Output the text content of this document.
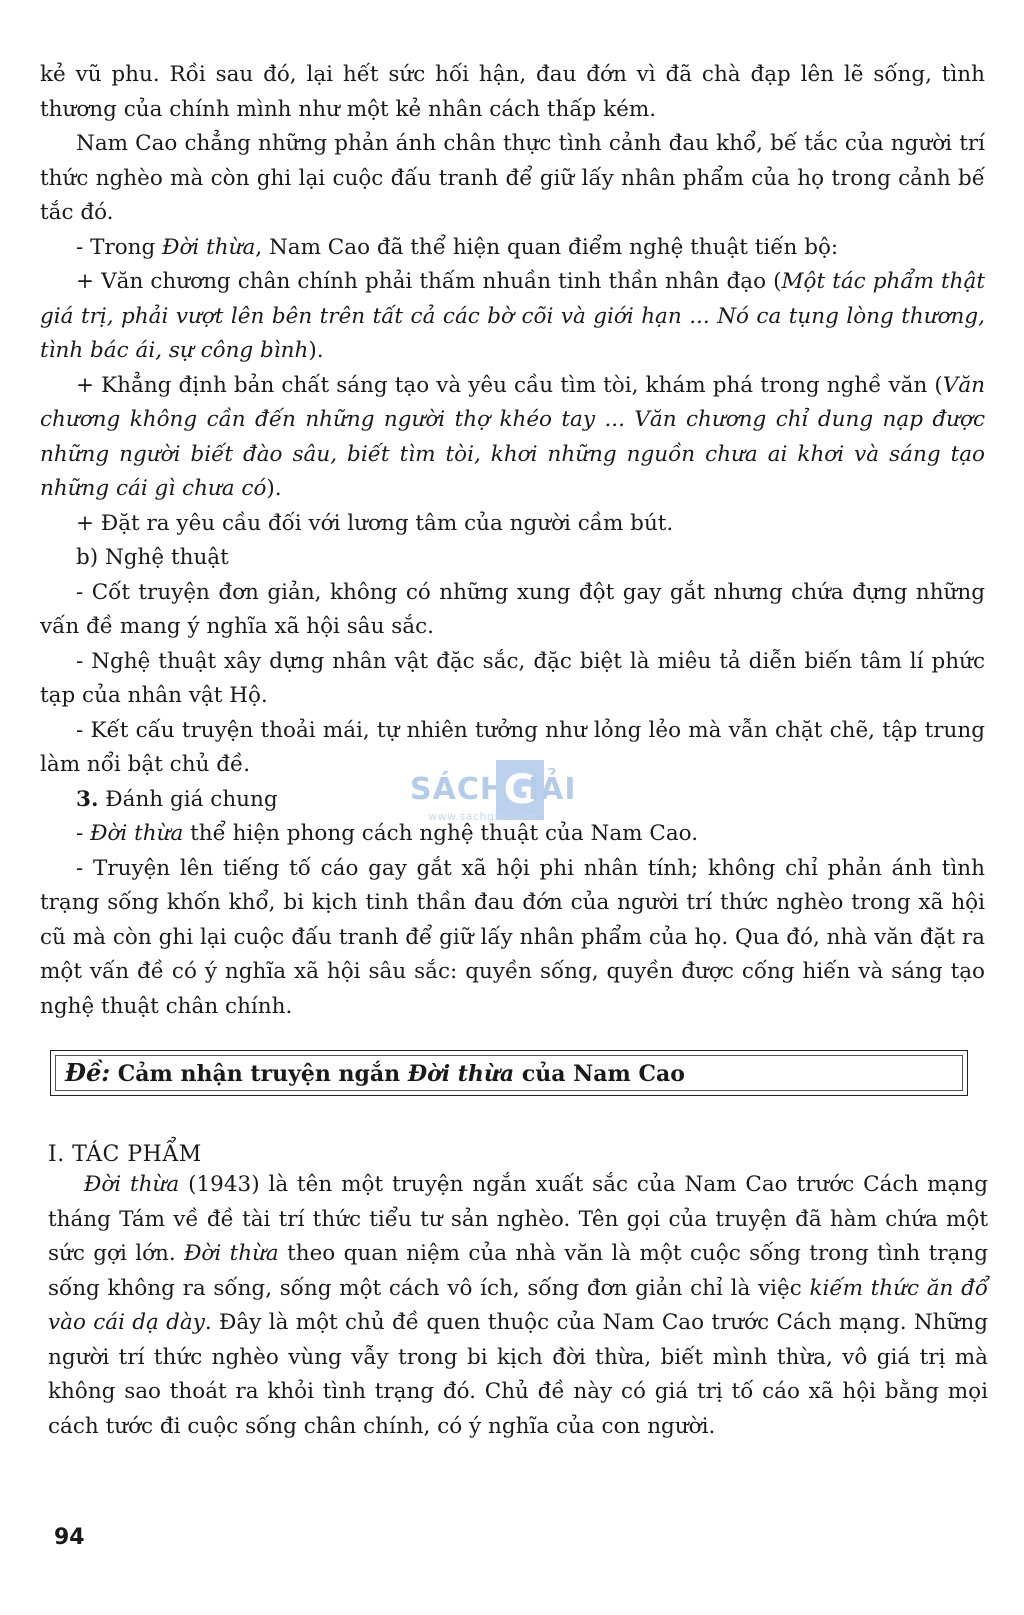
kẻ vũ phu. Rồi sau đó, lại hết sức hối hận, đau đớn vì đã chà đạp lên lẽ sống, tình thương của chính mình như một kẻ nhân cách thấp kém.

Nam Cao chẳng những phản ánh chân thực tình cảnh đau khổ, bế tắc của người trí thức nghèo mà còn ghi lại cuộc đấu tranh để giữ lấy nhân phẩm của họ trong cảnh bế tắc đó.

- Trong Đời thừa, Nam Cao đã thể hiện quan điểm nghệ thuật tiến bộ:

+ Văn chương chân chính phải thấm nhuần tinh thần nhân đạo (Một tác phẩm thật giá trị, phải vượt lên bên trên tất cả các bờ cõi và giới hạn ... Nó ca tụng lòng thương, tình bác ái, sự công bình).

+ Khẳng định bản chất sáng tạo và yêu cầu tìm tòi, khám phá trong nghề văn (Văn chương không cần đến những người thợ khéo tay ... Văn chương chỉ dung nạp được những người biết đào sâu, biết tìm tòi, khơi những nguồn chưa ai khơi và sáng tạo những cái gì chưa có).

+ Đặt ra yêu cầu đối với lương tâm của người cầm bút.

b) Nghệ thuật

- Cốt truyện đơn giản, không có những xung đột gay gắt nhưng chứa đựng những vấn đề mang ý nghĩa xã hội sâu sắc.

- Nghệ thuật xây dựng nhân vật đặc sắc, đặc biệt là miêu tả diễn biến tâm lí phức tạp của nhân vật Hộ.

- Kết cấu truyện thoải mái, tự nhiên tưởng như lỏng lẻo mà vẫn chặt chẽ, tập trung làm nổi bật chủ đề.

3. Đánh giá chung

- Đời thừa thể hiện phong cách nghệ thuật của Nam Cao.

- Truyện lên tiếng tố cáo gay gắt xã hội phi nhân tính; không chỉ phản ánh tình trạng sống khốn khổ, bi kịch tinh thần đau đớn của người trí thức nghèo trong xã hội cũ mà còn ghi lại cuộc đấu tranh để giữ lấy nhân phẩm của họ. Qua đó, nhà văn đặt ra một vấn đề có ý nghĩa xã hội sâu sắc: quyền sống, quyền được cống hiến và sáng tạo nghệ thuật chân chính.

SÁCH
G
IẢI
www.sachgiai.com
Đề: Cảm nhận truyện ngắn Đời thừa của Nam Cao
I. TÁC PHẨM

Đời thừa (1943) là tên một truyện ngắn xuất sắc của Nam Cao trước Cách mạng tháng Tám về đề tài trí thức tiểu tư sản nghèo. Tên gọi của truyện đã hàm chứa một sức gợi lớn. Đời thừa theo quan niệm của nhà văn là một cuộc sống trong tình trạng sống không ra sống, sống một cách vô ích, sống đơn giản chỉ là việc kiếm thức ăn đổ vào cái dạ dày. Đây là một chủ đề quen thuộc của Nam Cao trước Cách mạng. Những người trí thức nghèo vùng vẫy trong bi kịch đời thừa, biết mình thừa, vô giá trị mà không sao thoát ra khỏi tình trạng đó. Chủ đề này có giá trị tố cáo xã hội bằng mọi cách tước đi cuộc sống chân chính, có ý nghĩa của con người.

94
